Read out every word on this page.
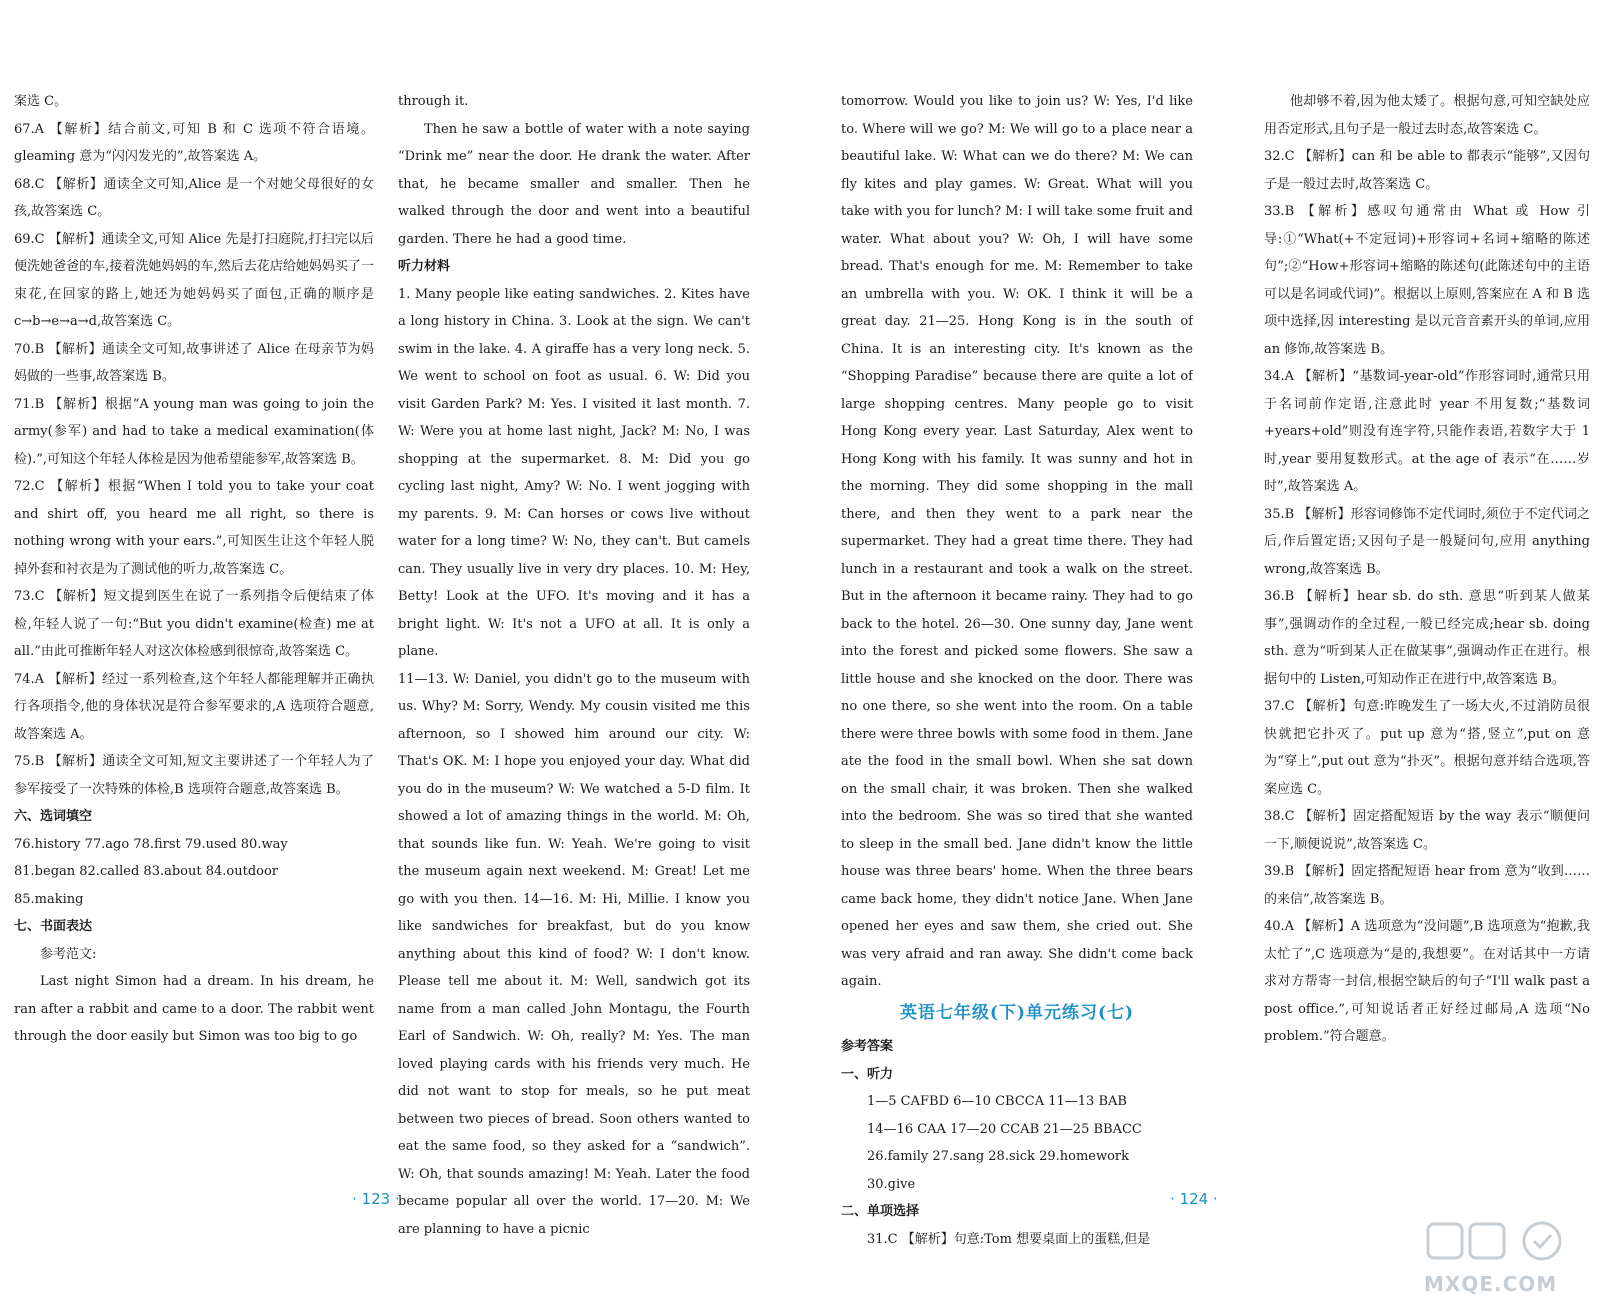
案选 C。

67.A 【解析】结合前文,可知 B 和 C 选项不符合语境。gleaming 意为“闪闪发光的”,故答案选 A。

68.C 【解析】通读全文可知,Alice 是一个对她父母很好的女孩,故答案选 C。

69.C 【解析】通读全文,可知 Alice 先是打扫庭院,打扫完以后便洗她爸爸的车,接着洗她妈妈的车,然后去花店给她妈妈买了一束花,在回家的路上,她还为她妈妈买了面包,正确的顺序是 c→b→e→a→d,故答案选 C。

70.B 【解析】通读全文可知,故事讲述了 Alice 在母亲节为妈妈做的一些事,故答案选 B。

71.B 【解析】根据“A young man was going to join the army(参军) and had to take a medical examination(体检).”,可知这个年轻人体检是因为他希望能参军,故答案选 B。

72.C 【解析】根据“When I told you to take your coat and shirt off, you heard me all right, so there is nothing wrong with your ears.”,可知医生让这个年轻人脱掉外套和衬衣是为了测试他的听力,故答案选 C。

73.C 【解析】短文提到医生在说了一系列指令后便结束了体检,年轻人说了一句:“But you didn't examine(检查) me at all.”由此可推断年轻人对这次体检感到很惊奇,故答案选 C。

74.A 【解析】经过一系列检查,这个年轻人都能理解并正确执行各项指令,他的身体状况是符合参军要求的,A 选项符合题意,故答案选 A。

75.B 【解析】通读全文可知,短文主要讲述了一个年轻人为了参军接受了一次特殊的体检,B 选项符合题意,故答案选 B。

六、选词填空

76.history 77.ago 78.first 79.used 80.way

81.began 82.called 83.about 84.outdoor

85.making

七、书面表达

参考范文:

Last night Simon had a dream. In his dream, he ran after a rabbit and came to a door. The rabbit went through the door easily but Simon was too big to go

through it.

Then he saw a bottle of water with a note saying “Drink me” near the door. He drank the water. After that, he became smaller and smaller. Then he walked through the door and went into a beautiful garden. There he had a good time.

听力材料

1. Many people like eating sandwiches. 2. Kites have a long history in China. 3. Look at the sign. We can't swim in the lake. 4. A giraffe has a very long neck. 5. We went to school on foot as usual. 6. W: Did you visit Garden Park? M: Yes. I visited it last month. 7. W: Were you at home last night, Jack? M: No, I was shopping at the supermarket. 8. M: Did you go cycling last night, Amy? W: No. I went jogging with my parents. 9. M: Can horses or cows live without water for a long time? W: No, they can't. But camels can. They usually live in very dry places. 10. M: Hey, Betty! Look at the UFO. It's moving and it has a bright light. W: It's not a UFO at all. It is only a plane.

11—13. W: Daniel, you didn't go to the museum with us. Why? M: Sorry, Wendy. My cousin visited me this afternoon, so I showed him around our city. W: That's OK. M: I hope you enjoyed your day. What did you do in the museum? W: We watched a 5-D film. It showed a lot of amazing things in the world. M: Oh, that sounds like fun. W: Yeah. We're going to visit the museum again next weekend. M: Great! Let me go with you then. 14—16. M: Hi, Millie. I know you like sandwiches for breakfast, but do you know anything about this kind of food? W: I don't know. Please tell me about it. M: Well, sandwich got its name from a man called John Montagu, the Fourth Earl of Sandwich. W: Oh, really? M: Yes. The man loved playing cards with his friends very much. He did not want to stop for meals, so he put meat between two pieces of bread. Soon others wanted to eat the same food, so they asked for a “sandwich”. W: Oh, that sounds amazing! M: Yeah. Later the food became popular all over the world. 17—20. M: We are planning to have a picnic

tomorrow. Would you like to join us? W: Yes, I'd like to. Where will we go? M: We will go to a place near a beautiful lake. W: What can we do there? M: We can fly kites and play games. W: Great. What will you take with you for lunch? M: I will take some fruit and water. What about you? W: Oh, I will have some bread. That's enough for me. M: Remember to take an umbrella with you. W: OK. I think it will be a great day. 21—25. Hong Kong is in the south of China. It is an interesting city. It's known as the “Shopping Paradise” because there are quite a lot of large shopping centres. Many people go to visit Hong Kong every year. Last Saturday, Alex went to Hong Kong with his family. It was sunny and hot in the morning. They did some shopping in the mall there, and then they went to a park near the supermarket. They had a great time there. They had lunch in a restaurant and took a walk on the street. But in the afternoon it became rainy. They had to go back to the hotel. 26—30. One sunny day, Jane went into the forest and picked some flowers. She saw a little house and she knocked on the door. There was no one there, so she went into the room. On a table there were three bowls with some food in them. Jane ate the food in the small bowl. When she sat down on the small chair, it was broken. Then she walked into the bedroom. She was so tired that she wanted to sleep in the small bed. Jane didn't know the little house was three bears' home. When the three bears came back home, they didn't notice Jane. When Jane opened her eyes and saw them, she cried out. She was very afraid and ran away. She didn't come back again.

英语七年级(下)单元练习(七)

参考答案

一、听力

1—5 CAFBD 6—10 CBCCA 11—13 BAB

14—16 CAA 17—20 CCAB 21—25 BBACC

26.family 27.sang 28.sick 29.homework

30.give

二、单项选择

31.C 【解析】句意:Tom 想要桌面上的蛋糕,但是

他却够不着,因为他太矮了。根据句意,可知空缺处应用否定形式,且句子是一般过去时态,故答案选 C。

32.C 【解析】can 和 be able to 都表示“能够”,又因句子是一般过去时,故答案选 C。

33.B 【解析】感叹句通常由 What 或 How 引导:①“What(+不定冠词)+形容词+名词+缩略的陈述句”;②“How+形容词+缩略的陈述句(此陈述句中的主语可以是名词或代词)”。根据以上原则,答案应在 A 和 B 选项中选择,因 interesting 是以元音音素开头的单词,应用 an 修饰,故答案选 B。

34.A 【解析】“基数词-year-old”作形容词时,通常只用于名词前作定语,注意此时 year 不用复数;“基数词+years+old”则没有连字符,只能作表语,若数字大于 1 时,year 要用复数形式。at the age of 表示“在……岁时”,故答案选 A。

35.B 【解析】形容词修饰不定代词时,须位于不定代词之后,作后置定语;又因句子是一般疑问句,应用 anything wrong,故答案选 B。

36.B 【解析】hear sb. do sth. 意思“听到某人做某事”,强调动作的全过程,一般已经完成;hear sb. doing sth. 意为“听到某人正在做某事”,强调动作正在进行。根据句中的 Listen,可知动作正在进行中,故答案选 B。

37.C 【解析】句意:昨晚发生了一场大火,不过消防员很快就把它扑灭了。put up 意为“搭,竖立”,put on 意为“穿上”,put out 意为“扑灭”。根据句意并结合选项,答案应选 C。

38.C 【解析】固定搭配短语 by the way 表示“顺便问一下,顺便说说”,故答案选 C。

39.B 【解析】固定搭配短语 hear from 意为“收到……的来信”,故答案选 B。

40.A 【解析】A 选项意为“没问题”,B 选项意为“抱歉,我太忙了”,C 选项意为“是的,我想要”。在对话其中一方请求对方帮寄一封信,根据空缺后的句子“I'll walk past a post office.”,可知说话者正好经过邮局,A 选项“No problem.”符合题意。

· 123 ·	· 124 ·
MXQE.COM
